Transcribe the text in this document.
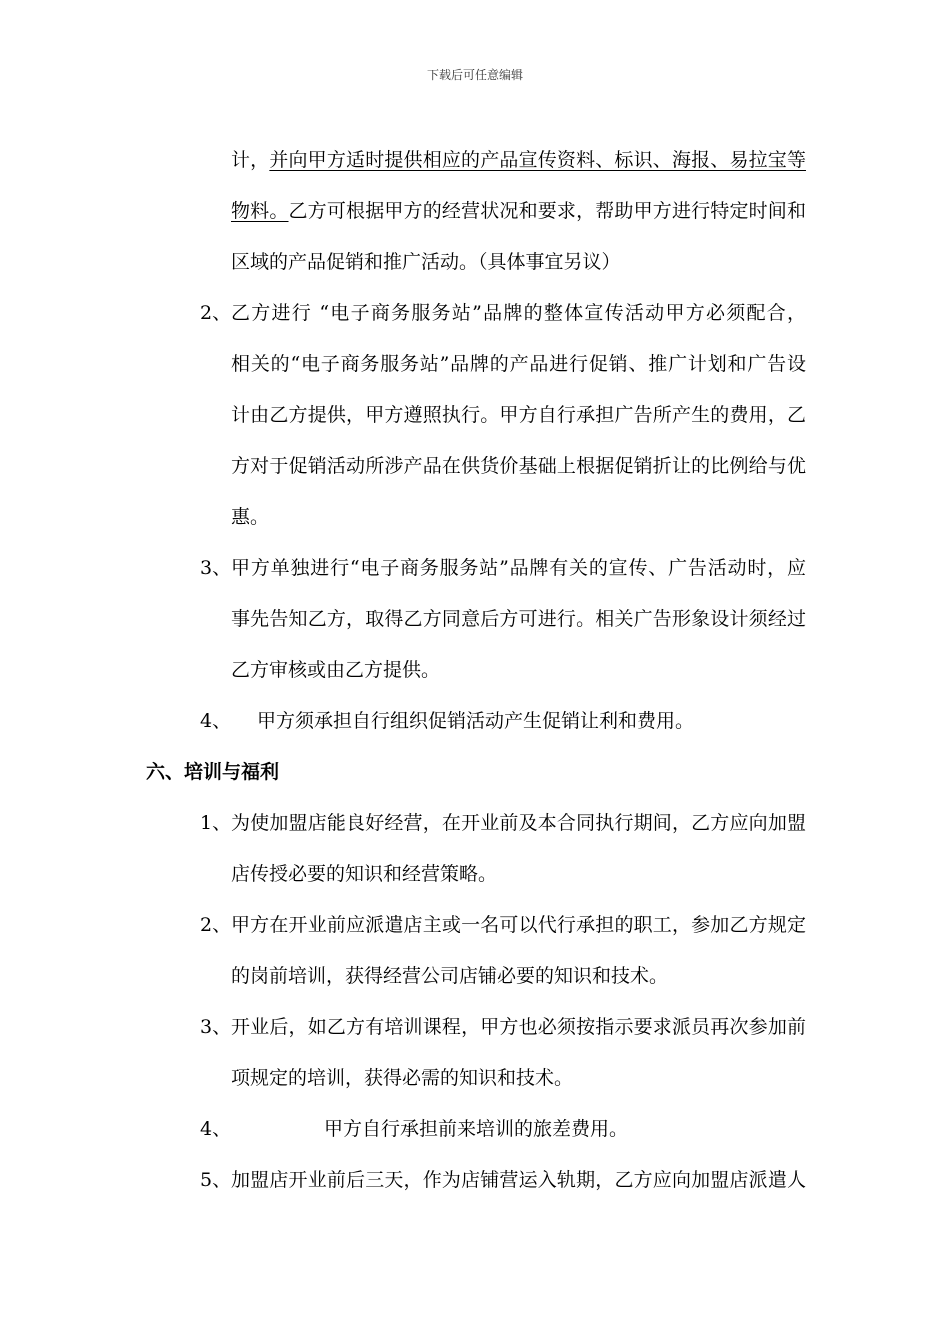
下载后可任意编辑
计，并向甲方适时提供相应的产品宣传资料、标识、海报、易拉宝等
物料。乙方可根据甲方的经营状况和要求，帮助甲方进行特定时间和
区域的产品促销和推广活动。（具体事宜另议）
2、 乙方进行 “电子商务服务站”品牌的整体宣传活动甲方必须配合，
相关的“电子商务服务站”品牌的产品进行促销、推广计划和广告设
计由乙方提供，甲方遵照执行。甲方自行承担广告所产生的费用，乙
方对于促销活动所涉产品在供货价基础上根据促销折让的比例给与优
惠。
3、 甲方单独进行“电子商务服务站”品牌有关的宣传、广告活动时，应
事先告知乙方，取得乙方同意后方可进行。相关广告形象设计须经过
乙方审核或由乙方提供。
4、 甲方须承担自行组织促销活动产生促销让利和费用。
六、培训与福利
1、 为使加盟店能良好经营，在开业前及本合同执行期间，乙方应向加盟
店传授必要的知识和经营策略。
2、 甲方在开业前应派遣店主或一名可以代行承担的职工，参加乙方规定
的岗前培训，获得经营公司店铺必要的知识和技术。
3、 开业后，如乙方有培训课程，甲方也必须按指示要求派员再次参加前
项规定的培训，获得必需的知识和技术。
4、	甲方自行承担前来培训的旅差费用。
5、 加盟店开业前后三天，作为店铺营运入轨期，乙方应向加盟店派遣人
